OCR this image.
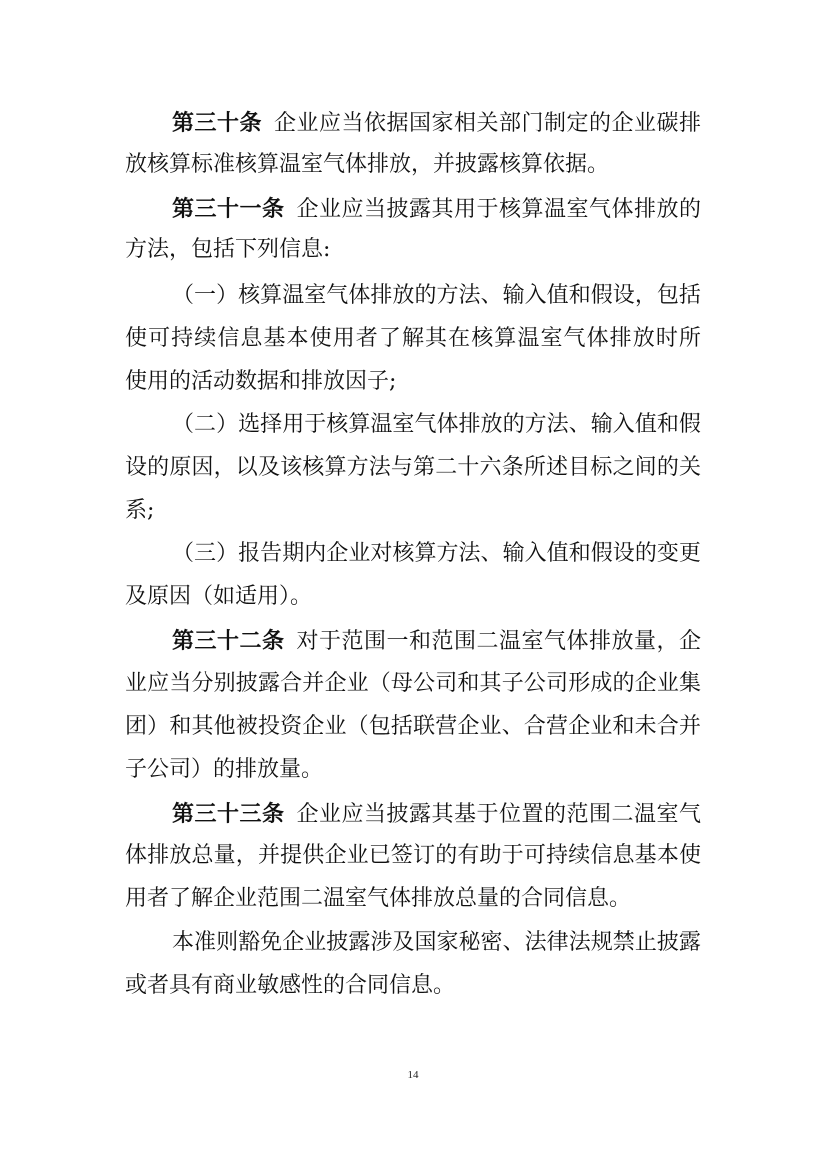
第三十条 企业应当依据国家相关部门制定的企业碳排
放核算标准核算温室气体排放，并披露核算依据。
第三十一条 企业应当披露其用于核算温室气体排放的
方法，包括下列信息:
（一）核算温室气体排放的方法、输入值和假设，包括
使可持续信息基本使用者了解其在核算温室气体排放时所
使用的活动数据和排放因子;
（二）选择用于核算温室气体排放的方法、输入值和假
设的原因，以及该核算方法与第二十六条所述目标之间的关
系;
（三）报告期内企业对核算方法、输入值和假设的变更
及原因（如适用）。
第三十二条 对于范围一和范围二温室气体排放量，企
业应当分别披露合并企业（母公司和其子公司形成的企业集
团）和其他被投资企业（包括联营企业、合营企业和未合并
子公司）的排放量。
第三十三条 企业应当披露其基于位置的范围二温室气
体排放总量，并提供企业已签订的有助于可持续信息基本使
用者了解企业范围二温室气体排放总量的合同信息。
本准则豁免企业披露涉及国家秘密、法律法规禁止披露
或者具有商业敏感性的合同信息。
14
